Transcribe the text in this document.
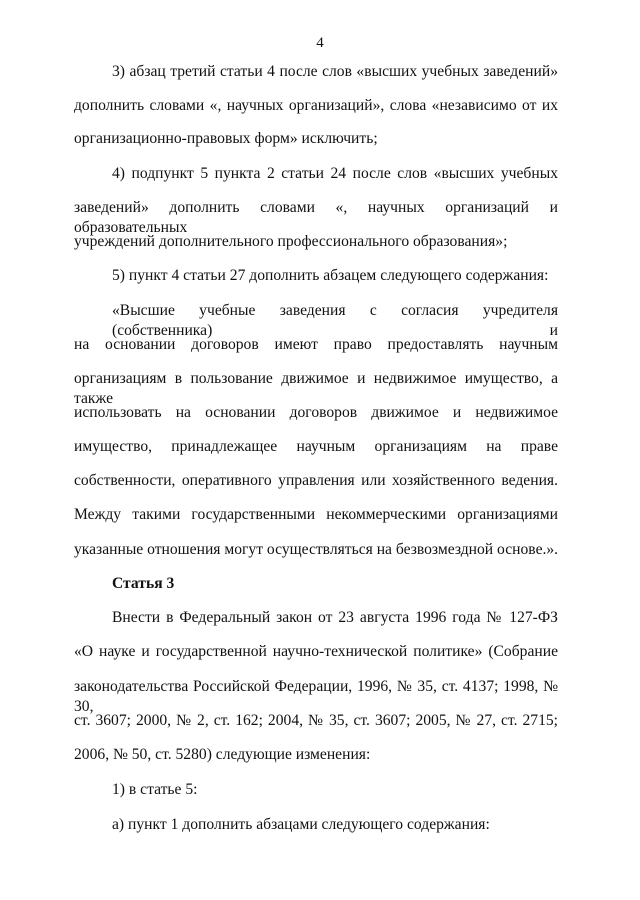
4
3) абзац третий статьи 4 после слов «высших учебных заведений»
дополнить словами «, научных организаций», слова «независимо от их
организационно-правовых форм» исключить;
4) подпункт 5 пункта 2 статьи 24 после слов «высших учебных
заведений» дополнить словами «, научных организаций и образовательных
учреждений дополнительного профессионального образования»;
5) пункт 4 статьи 27 дополнить абзацем следующего содержания:
«Высшие учебные заведения с согласия учредителя (собственника) и
на основании договоров имеют право предоставлять научным
организациям в пользование движимое и недвижимое имущество, а также
использовать на основании договоров движимое и недвижимое
имущество, принадлежащее научным организациям на праве
собственности, оперативного управления или хозяйственного ведения.
Между такими государственными некоммерческими организациями
указанные отношения могут осуществляться на безвозмездной основе.».
Статья 3
Внести в Федеральный закон от 23 августа 1996 года № 127-ФЗ
«О науке и государственной научно-технической политике» (Собрание
законодательства Российской Федерации, 1996, № 35, ст. 4137; 1998, № 30,
ст. 3607; 2000, № 2, ст. 162; 2004, № 35, ст. 3607; 2005, № 27, ст. 2715;
2006, № 50, ст. 5280) следующие изменения:
1) в статье 5:
а) пункт 1 дополнить абзацами следующего содержания:
